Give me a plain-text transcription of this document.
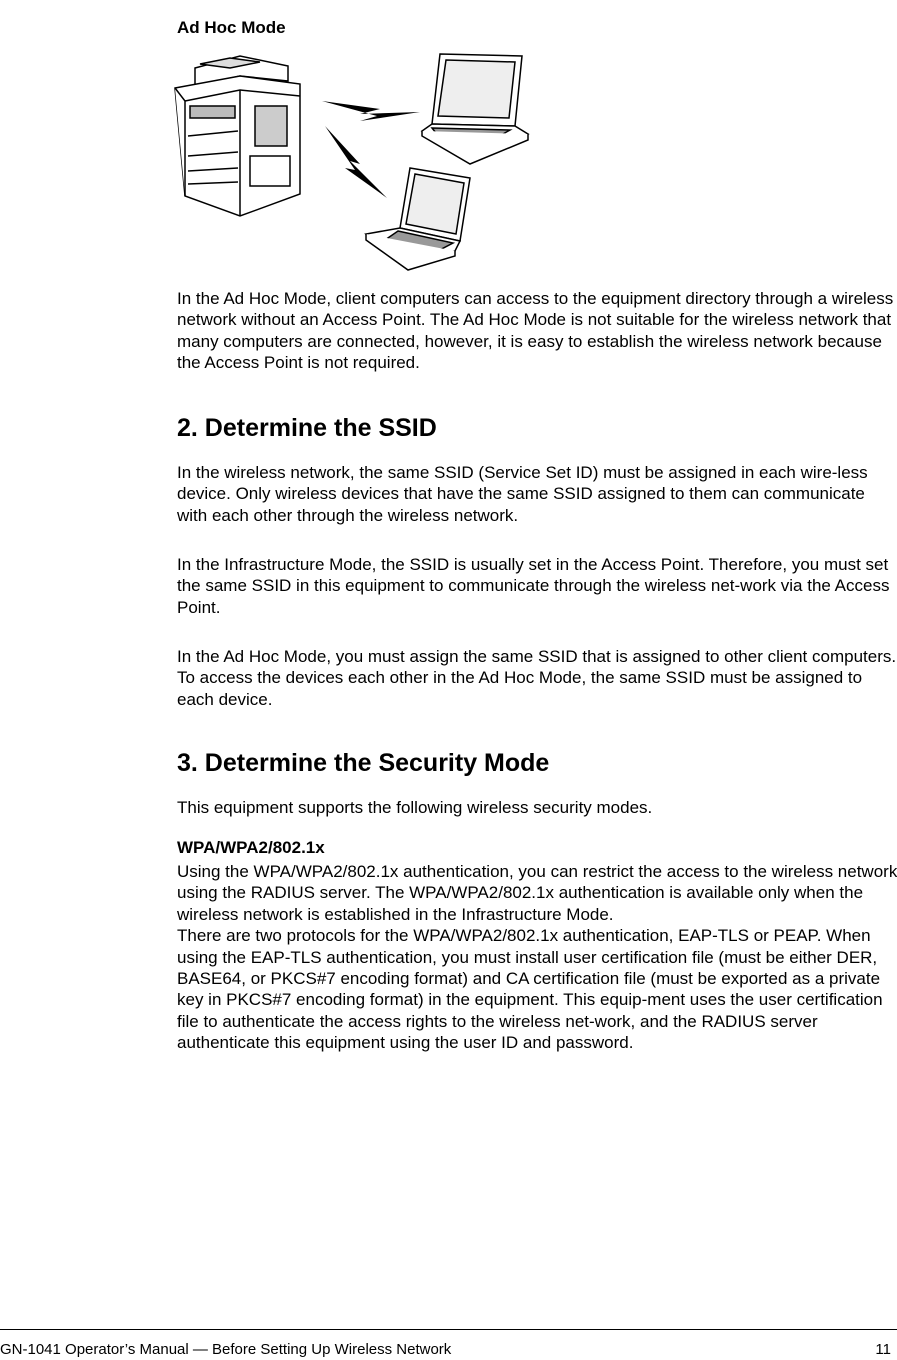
Ad Hoc Mode

In the Ad Hoc Mode, client computers can access to the equipment directory through a wireless network without an Access Point. The Ad Hoc Mode is not suitable for the wireless network that many computers are connected, however, it is easy to establish the wireless network because the Access Point is not required.

2. Determine the SSID

In the wireless network, the same SSID (Service Set ID) must be assigned in each wire-less device. Only wireless devices that have the same SSID assigned to them can communicate with each other through the wireless network.

In the Infrastructure Mode, the SSID is usually set in the Access Point. Therefore, you must set the same SSID in this equipment to communicate through the wireless net-work via the Access Point.

In the Ad Hoc Mode, you must assign the same SSID that is assigned to other client computers. To access the devices each other in the Ad Hoc Mode, the same SSID must be assigned to each device.

3. Determine the Security Mode

This equipment supports the following wireless security modes.

WPA/WPA2/802.1x

Using the WPA/WPA2/802.1x authentication, you can restrict the access to the wireless network using the RADIUS server. The WPA/WPA2/802.1x authentication is available only when the wireless network is established in the Infrastructure Mode.
There are two protocols for the WPA/WPA2/802.1x authentication, EAP-TLS or PEAP. When using the EAP-TLS authentication, you must install user certification file (must be either DER, BASE64, or PKCS#7 encoding format) and CA certification file (must be exported as a private key in PKCS#7 encoding format) in the equipment. This equip-ment uses the user certification file to authenticate the access rights to the wireless net-work, and the RADIUS server authenticate this equipment using the user ID and password.

GN-1041 Operator’s Manual — Before Setting Up Wireless Network	11
